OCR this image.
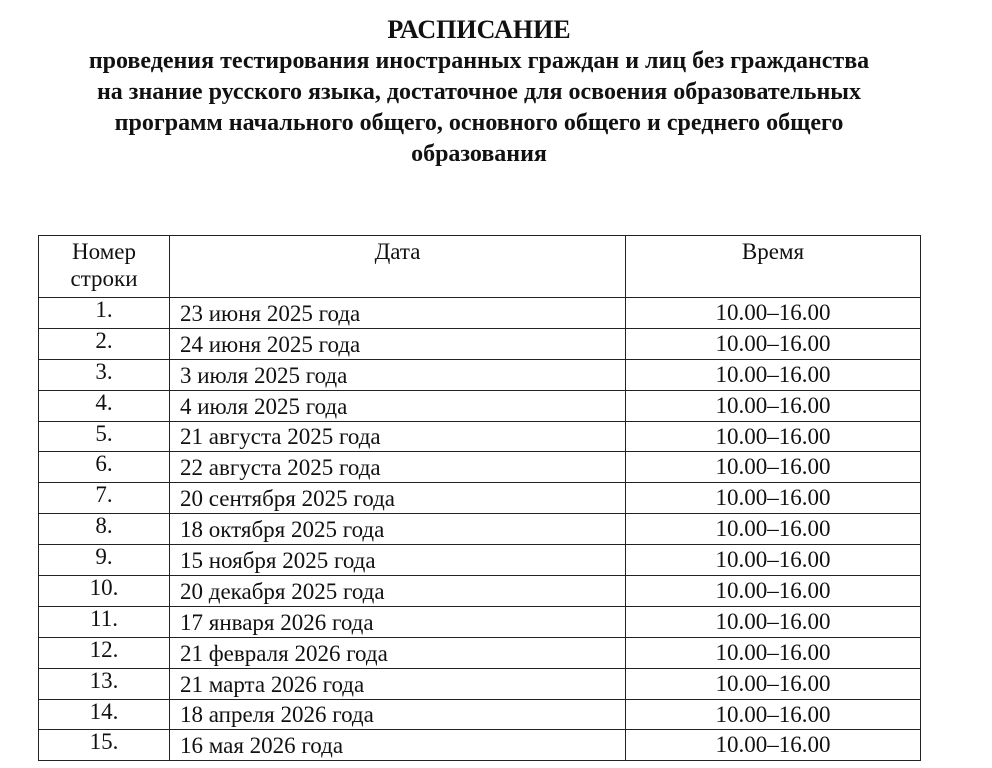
РАСПИСАНИЕ
проведения тестирования иностранных граждан и лиц без гражданства
на знание русского языка, достаточное для освоения образовательных
программ начального общего, основного общего и среднего общего
образования
Номер
строки	Дата	Время
1.	23 июня 2025 года	10.00–16.00
2.	24 июня 2025 года	10.00–16.00
3.	3 июля 2025 года	10.00–16.00
4.	4 июля 2025 года	10.00–16.00
5.	21 августа 2025 года	10.00–16.00
6.	22 августа 2025 года	10.00–16.00
7.	20 сентября 2025 года	10.00–16.00
8.	18 октября 2025 года	10.00–16.00
9.	15 ноября 2025 года	10.00–16.00
10.	20 декабря 2025 года	10.00–16.00
11.	17 января 2026 года	10.00–16.00
12.	21 февраля 2026 года	10.00–16.00
13.	21 марта 2026 года	10.00–16.00
14.	18 апреля 2026 года	10.00–16.00
15.	16 мая 2026 года	10.00–16.00
